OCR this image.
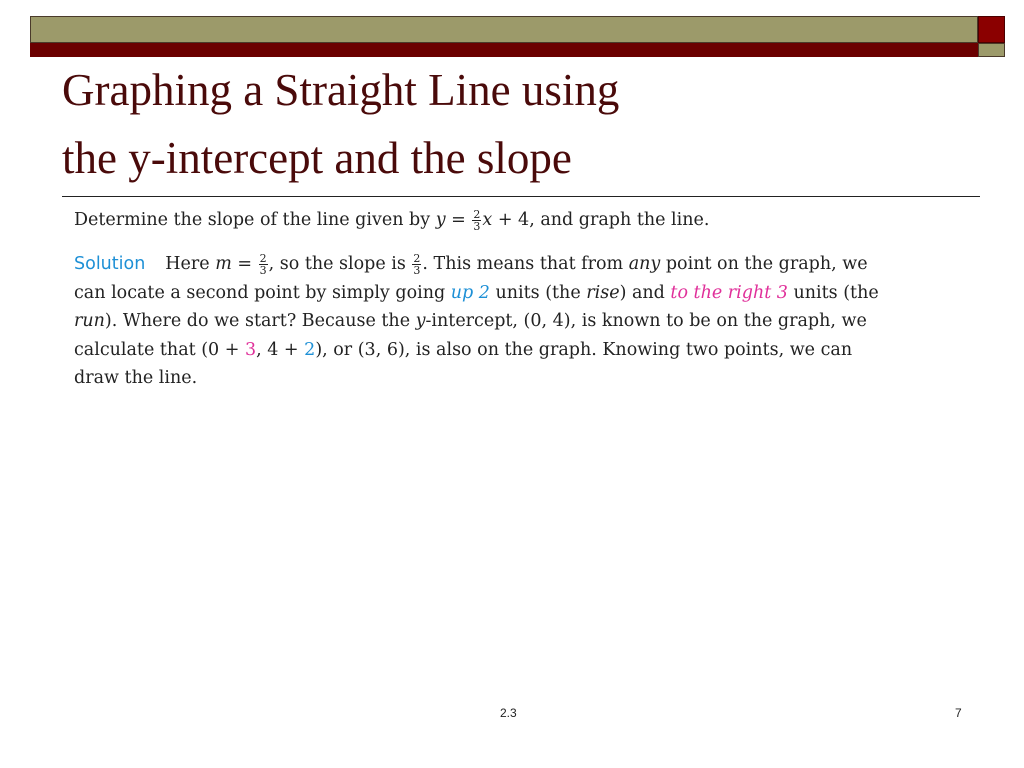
Graphing a Straight Line using
the y-intercept and the slope
Determine the slope of the line given by $y = \frac{2}{3}$ x + 4, and graph the line.
Solution Here $m = \frac{2}{3}$ , so the slope is $\frac{2}{3}$ . This means that from any point on the graph, we can locate a second point by simply going up 2 units (the rise) and to the right 3 units (the run). Where do we start? Because the y-intercept, (0, 4), is known to be on the graph, we calculate that (0 + 3, 4 + 2), or (3, 6), is also on the graph. Knowing two points, we can draw the line.
2.3	7
